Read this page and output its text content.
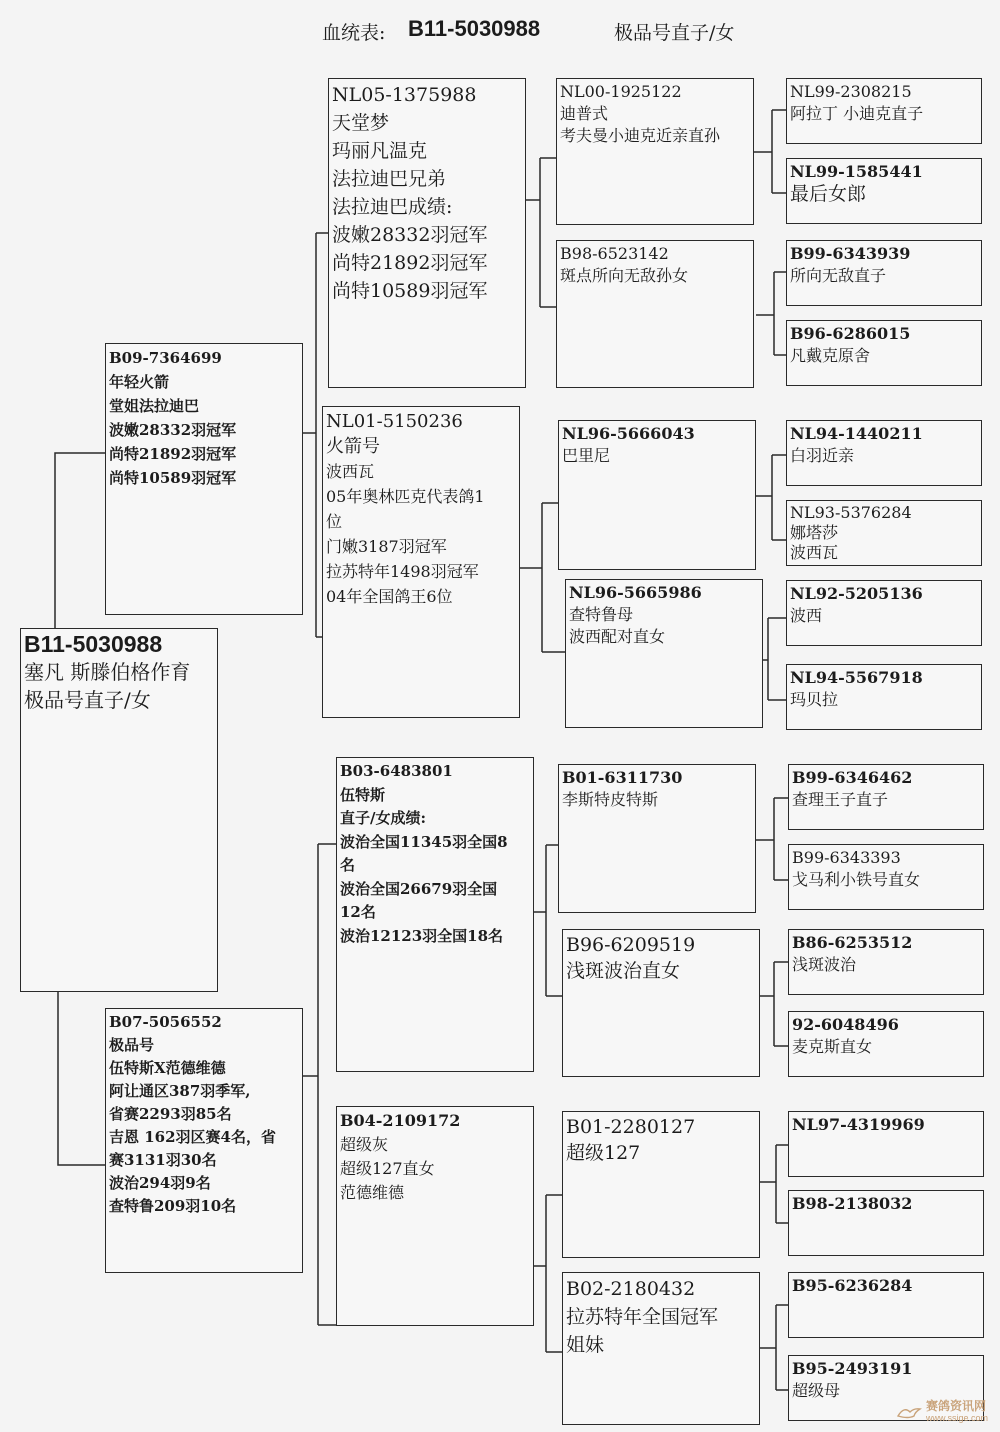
血统表: B11-5030988	极品号直子/女
B11-5030988
塞凡 斯滕伯格作育
极品号直子/女
B09-7364699
年轻火箭
堂姐法拉迪巴
波嫩28332羽冠军
尚特21892羽冠军
尚特10589羽冠军
B07-5056552
极品号
伍特斯X范德维德
阿让通区387羽季军,
省赛2293羽85名
吉恩 162羽区赛4名，省
赛3131羽30名
波治294羽9名
查特鲁209羽10名
NL05-1375988
天堂梦
玛丽凡温克
法拉迪巴兄弟
法拉迪巴成绩:
波嫩28332羽冠军
尚特21892羽冠军
尚特10589羽冠军
NL01-5150236
火箭号
波西瓦
05年奥林匹克代表鸽1
位
门嫩3187羽冠军
拉苏特年1498羽冠军
04年全国鸽王6位
B03-6483801
伍特斯
直子/女成绩:
波治全国11345羽全国8
名
波治全国26679羽全国
12名
波治12123羽全国18名
B04-2109172
超级灰
超级127直女
范德维德
NL00-1925122
迪普式
考夫曼小迪克近亲直孙
B98-6523142
斑点所向无敌孙女
NL96-5666043
巴里尼
NL96-5665986
查特鲁母
波西配对直女
B01-6311730
李斯特皮特斯
B96-6209519
浅斑波治直女
B01-2280127
超级127
B02-2180432
拉苏特年全国冠军
姐妹
NL99-2308215
阿拉丁 小迪克直子
NL99-1585441
最后女郎
B99-6343939
所向无敌直子
B96-6286015
凡戴克原舍
NL94-1440211
白羽近亲
NL93-5376284
娜塔莎
波西瓦
NL92-5205136
波西
NL94-5567918
玛贝拉
B99-6346462
查理王子直子
B99-6343393
戈马利小铁号直女
B86-6253512
浅斑波治
92-6048496
麦克斯直女
NL97-4319969
B98-2138032
B95-6236284
B95-2493191
超级母
赛鸽资讯网
www.ssige.com
